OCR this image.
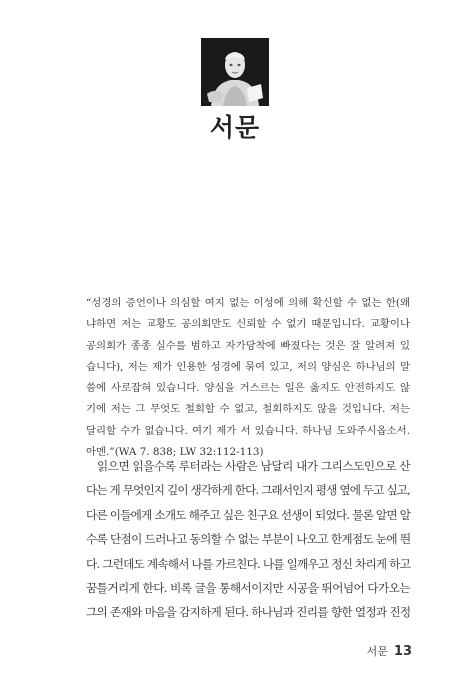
서문
“성경의 증언이나 의심할 여지 없는 이성에 의해 확신할 수 없는 한(왜
냐하면 저는 교황도 공의회만도 신뢰할 수 없기 때문입니다. 교황이나
공의회가 종종 실수를 범하고 자가당착에 빠졌다는 것은 잘 알려져 있
습니다), 저는 제가 인용한 성경에 묶여 있고, 저의 양심은 하나님의 말
씀에 사로잡혀 있습니다. 양심을 거스르는 일은 옳지도 안전하지도 않
기에 저는 그 무엇도 철회할 수 없고, 철회하지도 않을 것입니다. 저는
달리할 수가 없습니다. 여기 제가 서 있습니다. 하나님 도와주시옵소서.
아멘.”(WA 7. 838; LW 32:112-113)
읽으면 읽을수록 루터라는 사람은 남달리 내가 그리스도인으로 산
다는 게 무엇인지 깊이 생각하게 한다. 그래서인지 평생 옆에 두고 싶고,
다른 이들에게 소개도 해주고 싶은 친구요 선생이 되었다. 물론 알면 알
수록 단점이 드러나고 동의할 수 없는 부분이 나오고 한계점도 눈에 띈
다. 그런데도 계속해서 나를 가르친다. 나를 일깨우고 정신 차리게 하고
꿈틀거리게 한다. 비록 글을 통해서이지만 시공을 뛰어넘어 다가오는
그의 존재와 마음을 감지하게 된다. 하나님과 진리를 향한 열정과 진정
서문 13
